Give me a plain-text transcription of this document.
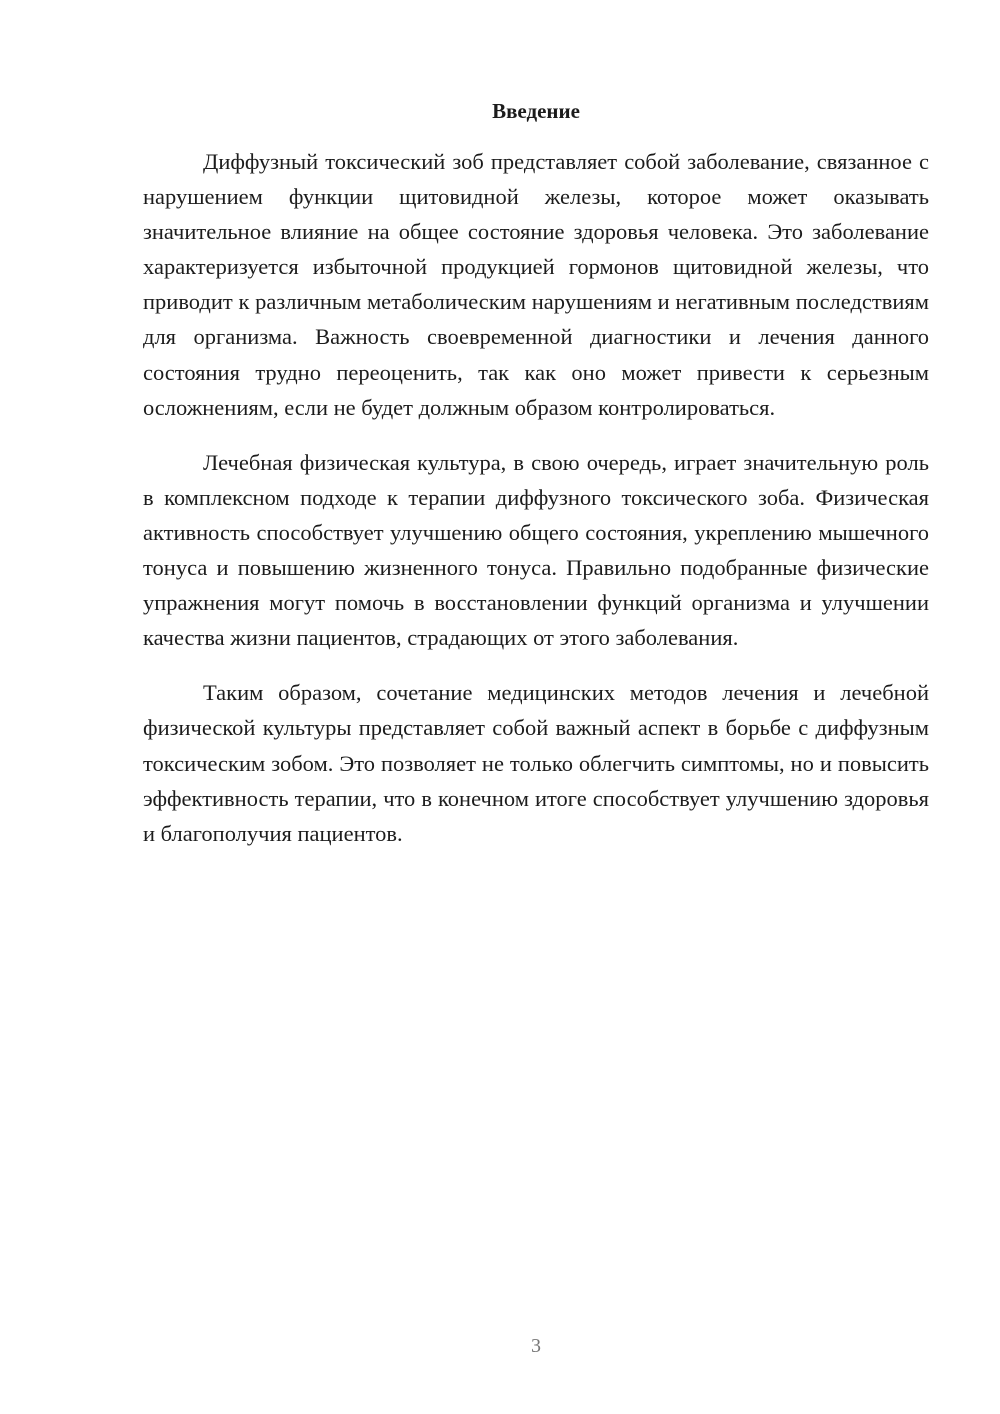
Введение

Диффузный токсический зоб представляет собой заболевание, связанное с нарушением функции щитовидной железы, которое может оказывать значительное влияние на общее состояние здоровья человека. Это заболевание характеризуется избыточной продукцией гормонов щитовидной железы, что приводит к различным метаболическим нарушениям и негативным последствиям для организма. Важность своевременной диагностики и лечения данного состояния трудно переоценить, так как оно может привести к серьезным осложнениям, если не будет должным образом контролироваться.

Лечебная физическая культура, в свою очередь, играет значительную роль в комплексном подходе к терапии диффузного токсического зоба. Физическая активность способствует улучшению общего состояния, укреплению мышечного тонуса и повышению жизненного тонуса. Правильно подобранные физические упражнения могут помочь в восстановлении функций организма и улучшении качества жизни пациентов, страдающих от этого заболевания.

Таким образом, сочетание медицинских методов лечения и лечебной физической культуры представляет собой важный аспект в борьбе с диффузным токсическим зобом. Это позволяет не только облегчить симптомы, но и повысить эффективность терапии, что в конечном итоге способствует улучшению здоровья и благополучия пациентов.

3
